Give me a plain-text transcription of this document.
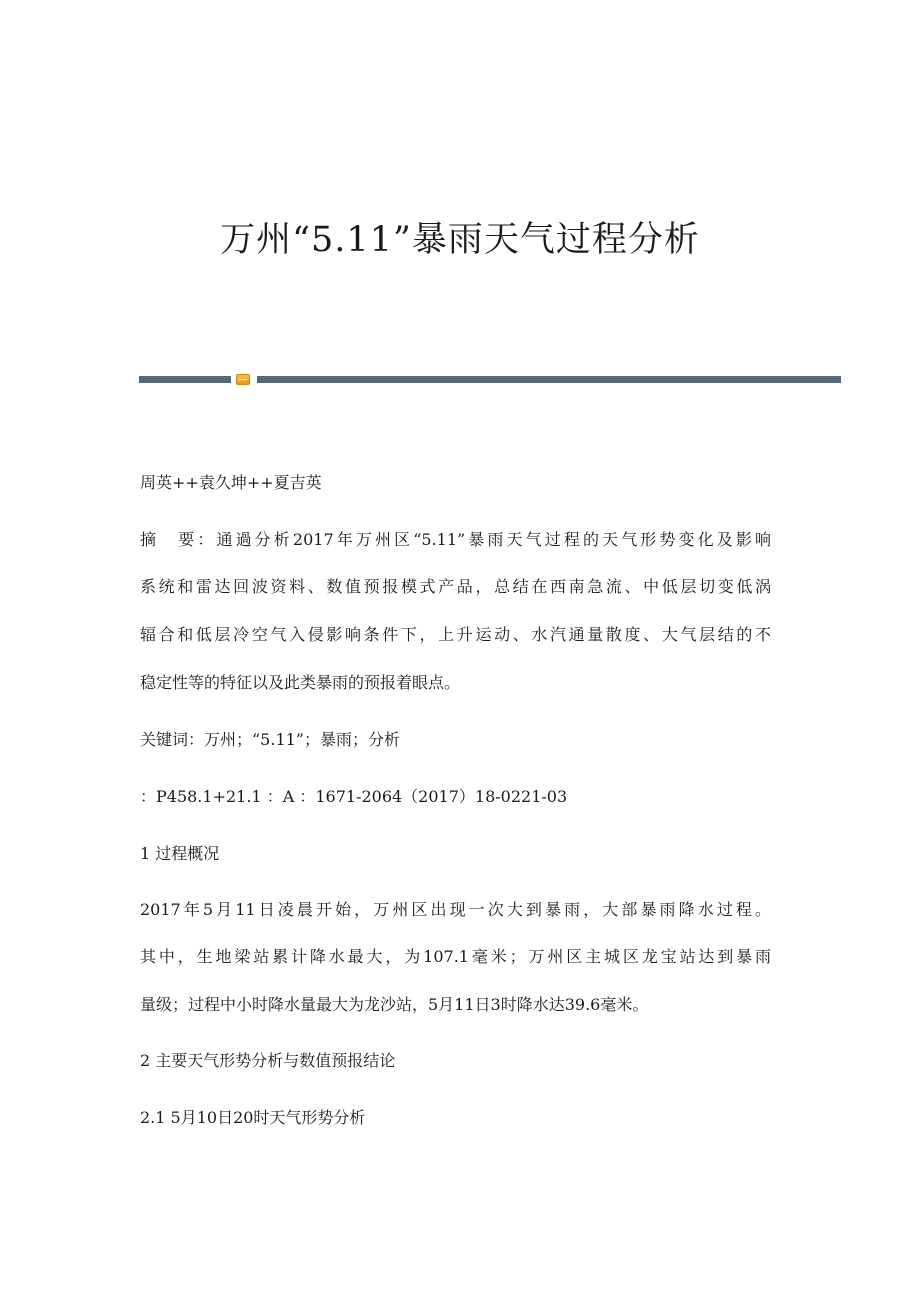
万州“5.11”暴雨天气过程分析

周英++袁久坤++夏吉英

摘　要：通過分析2017年万州区“5.11”暴雨天气过程的天气形势变化及影响

系统和雷达回波资料、数值预报模式产品，总结在西南急流、中低层切变低涡

辐合和低层冷空气入侵影响条件下，上升运动、水汽通量散度、大气层结的不

稳定性等的特征以及此类暴雨的预报着眼点。

关键词：万州；“5.11”；暴雨；分析

：P458.1+21.1 ：A ：1671-2064（2017）18-0221-03

1 过程概况

2017年5月11日凌晨开始，万州区出现一次大到暴雨，大部暴雨降水过程。

其中，生地梁站累计降水最大，为107.1毫米；万州区主城区龙宝站达到暴雨

量级；过程中小时降水量最大为龙沙站，5月11日3时降水达39.6毫米。

2 主要天气形势分析与数值预报结论

2.1 5月10日20时天气形势分析
